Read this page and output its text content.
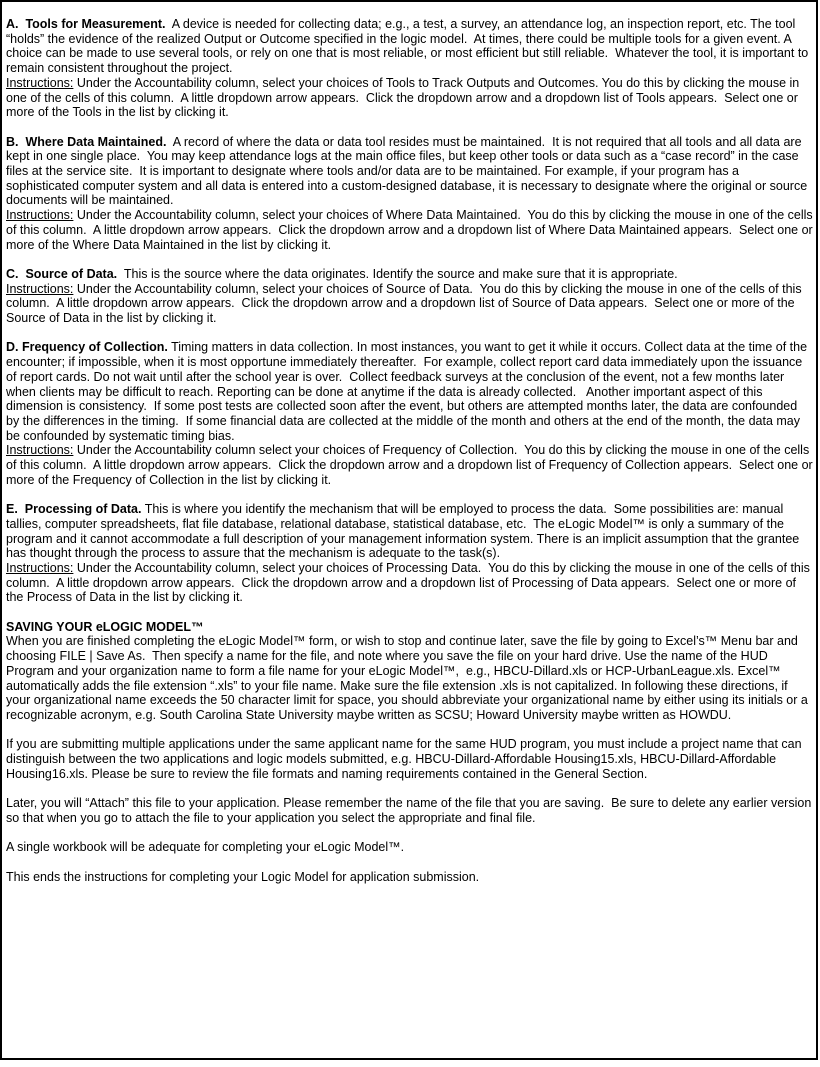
A.  Tools for Measurement.  A device is needed for collecting data; e.g., a test, a survey, an attendance log, an inspection report, etc. The tool “holds” the evidence of the realized Output or Outcome specified in the logic model.  At times, there could be multiple tools for a given event. A choice can be made to use several tools, or rely on one that is most reliable, or most efficient but still reliable.  Whatever the tool, it is important to remain consistent throughout the project.

Instructions: Under the Accountability column, select your choices of Tools to Track Outputs and Outcomes. You do this by clicking the mouse in one of the cells of this column.  A little dropdown arrow appears.  Click the dropdown arrow and a dropdown list of Tools appears.  Select one or more of the Tools in the list by clicking it.

B.  Where Data Maintained.  A record of where the data or data tool resides must be maintained.  It is not required that all tools and all data are kept in one single place.  You may keep attendance logs at the main office files, but keep other tools or data such as a “case record” in the case files at the service site.  It is important to designate where tools and/or data are to be maintained. For example, if your program has a sophisticated computer system and all data is entered into a custom-designed database, it is necessary to designate where the original or source documents will be maintained.

Instructions: Under the Accountability column, select your choices of Where Data Maintained.  You do this by clicking the mouse in one of the cells of this column.  A little dropdown arrow appears.  Click the dropdown arrow and a dropdown list of Where Data Maintained appears.  Select one or more of the Where Data Maintained in the list by clicking it.

C.  Source of Data.  This is the source where the data originates. Identify the source and make sure that it is appropriate.

Instructions: Under the Accountability column, select your choices of Source of Data.  You do this by clicking the mouse in one of the cells of this column.  A little dropdown arrow appears.  Click the dropdown arrow and a dropdown list of Source of Data appears.  Select one or more of the Source of Data in the list by clicking it.

D. Frequency of Collection. Timing matters in data collection. In most instances, you want to get it while it occurs. Collect data at the time of the encounter; if impossible, when it is most opportune immediately thereafter.  For example, collect report card data immediately upon the issuance of report cards. Do not wait until after the school year is over.  Collect feedback surveys at the conclusion of the event, not a few months later when clients may be difficult to reach. Reporting can be done at anytime if the data is already collected.   Another important aspect of this dimension is consistency.  If some post tests are collected soon after the event, but others are attempted months later, the data are confounded by the differences in the timing.  If some financial data are collected at the middle of the month and others at the end of the month, the data may be confounded by systematic timing bias.

Instructions: Under the Accountability column select your choices of Frequency of Collection.  You do this by clicking the mouse in one of the cells of this column.  A little dropdown arrow appears.  Click the dropdown arrow and a dropdown list of Frequency of Collection appears.  Select one or more of the Frequency of Collection in the list by clicking it.

E.  Processing of Data. This is where you identify the mechanism that will be employed to process the data.  Some possibilities are: manual tallies, computer spreadsheets, flat file database, relational database, statistical database, etc.  The eLogic Model™ is only a summary of the program and it cannot accommodate a full description of your management information system. There is an implicit assumption that the grantee has thought through the process to assure that the mechanism is adequate to the task(s).

Instructions: Under the Accountability column, select your choices of Processing Data.  You do this by clicking the mouse in one of the cells of this column.  A little dropdown arrow appears.  Click the dropdown arrow and a dropdown list of Processing of Data appears.  Select one or more of the Process of Data in the list by clicking it.

SAVING YOUR eLOGIC MODEL™

When you are finished completing the eLogic Model™ form, or wish to stop and continue later, save the file by going to Excel’s™ Menu bar and choosing FILE | Save As.  Then specify a name for the file, and note where you save the file on your hard drive. Use the name of the HUD Program and your organization name to form a file name for your eLogic Model™,  e.g., HBCU-Dillard.xls or HCP-UrbanLeague.xls. Excel™ automatically adds the file extension “.xls” to your file name. Make sure the file extension .xls is not capitalized. In following these directions, if your organizational name exceeds the 50 character limit for space, you should abbreviate your organizational name by either using its initials or a recognizable acronym, e.g. South Carolina State University maybe written as SCSU; Howard University maybe written as HOWDU.

If you are submitting multiple applications under the same applicant name for the same HUD program, you must include a project name that can distinguish between the two applications and logic models submitted, e.g. HBCU-Dillard-Affordable Housing15.xls, HBCU-Dillard-Affordable Housing16.xls. Please be sure to review the file formats and naming requirements contained in the General Section.

Later, you will “Attach” this file to your application. Please remember the name of the file that you are saving.  Be sure to delete any earlier version so that when you go to attach the file to your application you select the appropriate and final file.

A single workbook will be adequate for completing your eLogic Model™.

This ends the instructions for completing your Logic Model for application submission.
